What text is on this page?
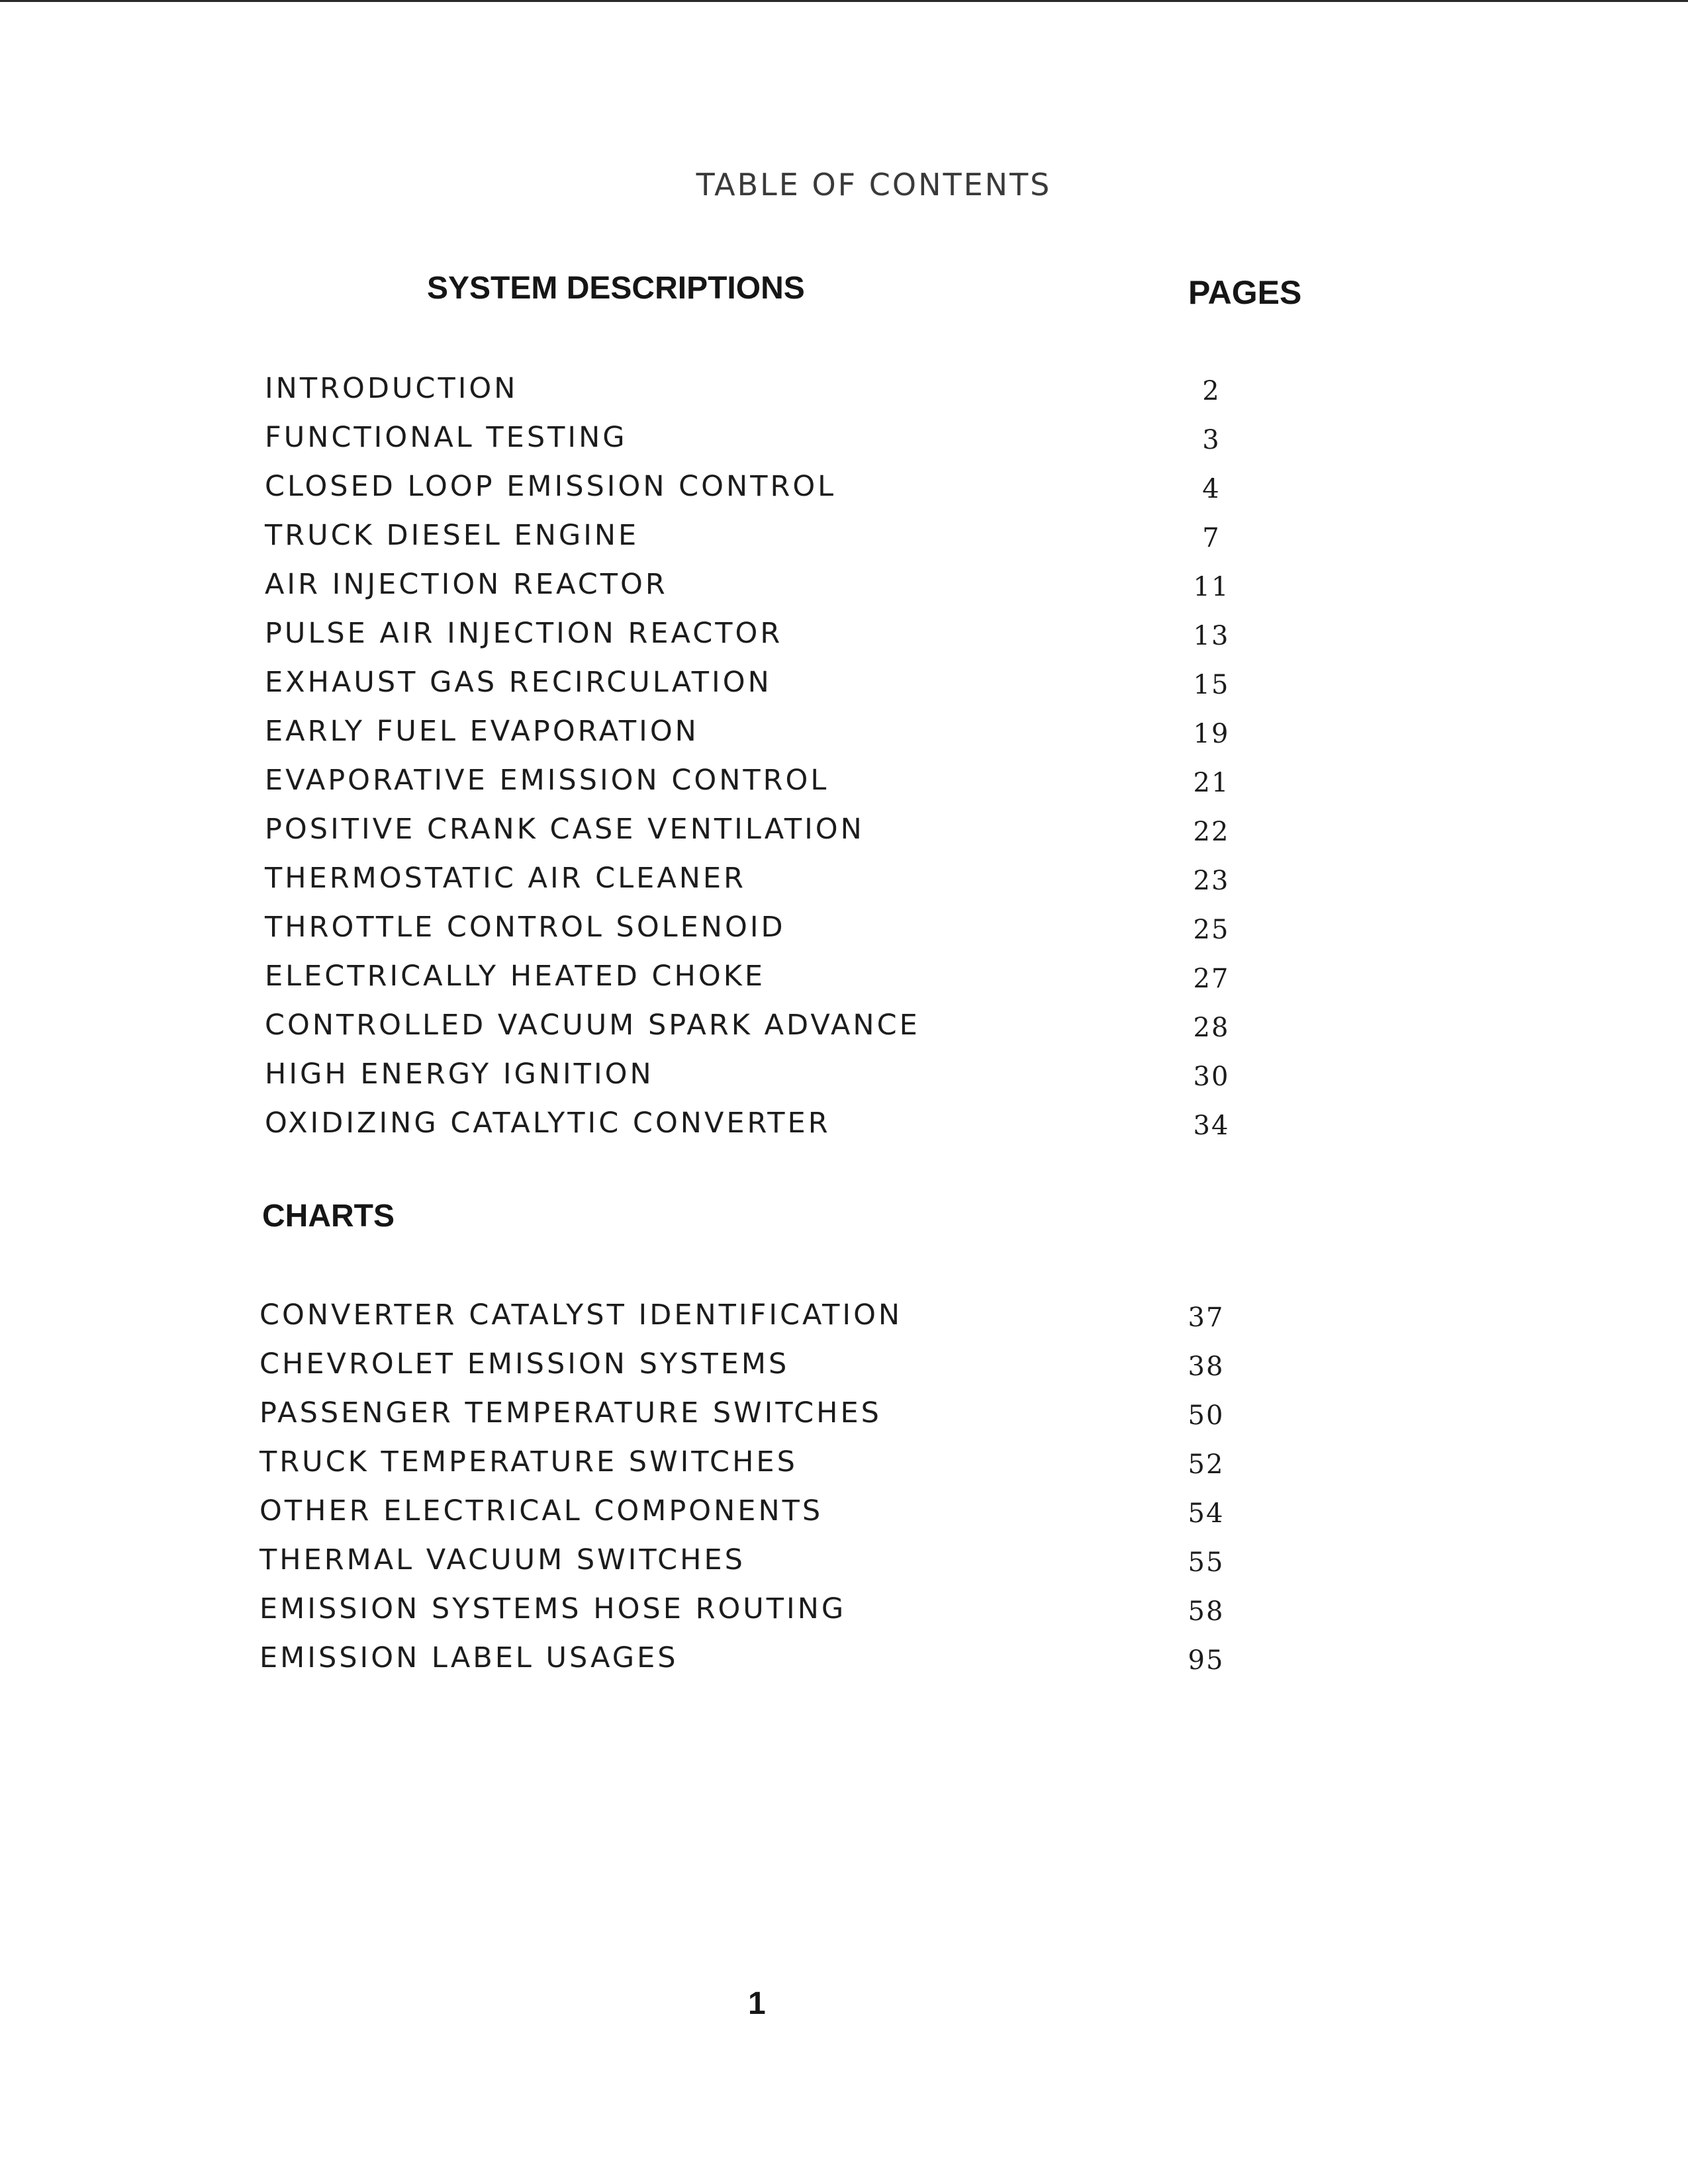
TABLE OF CONTENTS
SYSTEM DESCRIPTIONS	PAGES
INTRODUCTION	2
FUNCTIONAL TESTING	3
CLOSED LOOP EMISSION CONTROL	4
TRUCK DIESEL ENGINE	7
AIR INJECTION REACTOR	11
PULSE AIR INJECTION REACTOR	13
EXHAUST GAS RECIRCULATION	15
EARLY FUEL EVAPORATION	19
EVAPORATIVE EMISSION CONTROL	21
POSITIVE CRANK CASE VENTILATION	22
THERMOSTATIC AIR CLEANER	23
THROTTLE CONTROL SOLENOID	25
ELECTRICALLY HEATED CHOKE	27
CONTROLLED VACUUM SPARK ADVANCE	28
HIGH ENERGY IGNITION	30
OXIDIZING CATALYTIC CONVERTER	34
CHARTS
CONVERTER CATALYST IDENTIFICATION	37
CHEVROLET EMISSION SYSTEMS	38
PASSENGER TEMPERATURE SWITCHES	50
TRUCK TEMPERATURE SWITCHES	52
OTHER ELECTRICAL COMPONENTS	54
THERMAL VACUUM SWITCHES	55
EMISSION SYSTEMS HOSE ROUTING	58
EMISSION LABEL USAGES	95
1
